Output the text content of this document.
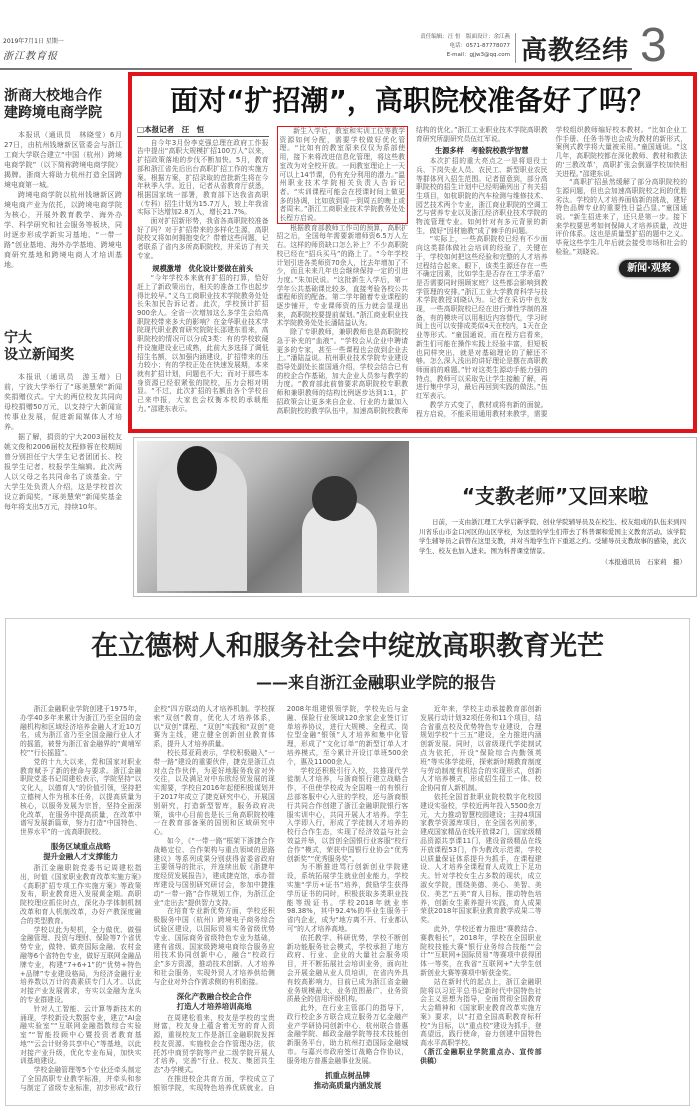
2019年7月1日 星期一
浙江教育报
责任编辑：汪 恒　版面设计：余江燕
电话：0571-87778077
E-mail：gjjw3@qq.com 高教经纬 3
浙商大校地合作
建跨境电商学院

本报讯（通讯员　林晓莹）6月27日，由杭州钱塘新区管委会与浙江工商大学联合建立“中国（杭州）跨境电商学院”（以下简称跨境电商学院）揭牌。浙商大将助力杭州打造全国跨境电商第一城。

跨境电商学院以杭州钱塘新区跨境电商产业为依托，以跨境电商学院为核心，开展外教育教学、海外办学、科学研究和社会服务等板块，同时逐步形成学新实习基地、“一带一路”创业基地、海外办学基地、跨境电商研究基地和跨境电商人才培训基地。

宁大
设立新闻奖

本报讯（通讯员　游玉增）日前，宁波大学举行了“琢美慧荣”新闻奖捐赠仪式。宁大的两位校友共同向母校捐赠50万元，以支持宁大新闻宣传事业发展，促进新闻媒体人才培养。

据了解，捐资的宁大2003届校友姚文俊和2006届校友程修蓉在校期间曾分别担任宁大学生记者团团长、校报学生记者、校报学生编辑。此次两人以父母之名共同命名了该基金。宁大学生处负责人介绍，这是学校首次设立新闻奖，“琢美慧荣”新闻奖基金每年将支出5万元，持续10年。

面对“扩招潮”，高职院校准备好了吗？
□本报记者　汪　恒

自今年3月份李克强总理在政府工作报告中提出“高职大规模扩招100万人”以来，扩招政策落地的步伐不断加快。5月，教育部和浙江省先后出台高职扩招工作的实施方案。根据方案，扩招录取的首批新生将在今年秋季入学。近日，记者从省教育厅获悉，根据国家统一部署，教育部下达我省高职（专科）招生计划为15.7万人，较上年我省实际下达增加2.8万人，增长21.7%。

面对扩招新形势，我省各高职院校准备好了吗？对于扩招带来的多样化生源，高职院校又将如何拥抱变化？带着这些问题，记者联系了省内多所高职院校，并采访了有关专家。

规模激增　优化设计要做在前头

“今年学校本来就有扩招的打算，恰好赶上了新政策出台，相关的准备工作也起步得比较早。”义乌工商职业技术学院教务处处长朱加民告诉记者。此次，学校预计扩招900余人。全省一次增加这么多学生会给高职院校带来多大的影响？在金华职业技术学院现代职业教育研究院院长邵建东看来，高职院校的情况可以分成3类：有的学校软硬件设施建设业已成熟，此前大多选择了调低招生名额，以加强内涵建设，扩招带来的压力较小；有的学校正处在快速发展期，本来就有扩招计划，问题也不大；而对于那些本身资源已经很紧张的院校，压力会相对明显。“不过，此次扩招的名额由各个学校自己来申报，大家也会权衡本校的承载能力。”邵建东表示。

新生入学后，教室和实训工位等教学资源如何分配，需要学校做好优化管理。“比如有的教室原来仅仅为系部使用，接下来将改进信息化管理，将这些教室改为对全校开放。一间教室理论上一天可以上14节课，仍有充分利用的潜力。”温州职业技术学院相关负责人告诉记者。“实训课程可能会在授课时间上做更多的协调，比如放到周一到周五的晚上或者周末。”浙江工商职业技术学院教务处处长程方启说。

根据教育部教师工作司的预算，高职扩招之后，全国每年需要新增师资6.5万人左右。这样的师资缺口怎么补上？不少高职院校已经在“招兵买马”的路上了。“今年学校计划引进各类师资70余人，比去年增加了不少，而且未来几年也会继续保持一定的引进力度。”朱加民说。“这批新生入学后，第一学年公共基础课比较多，直接考验各校公共课程师资的配备。第二学年随着专业课程的逐步铺开，专业课师资的压力就会显现出来，高职院校要提前谋划。”浙江商业职业技术学院教务处处长潘陆益认为。

除了专职教师，兼职教师也是高职院校急于补充的“血液”。“学校会从企业中聘请更多的专家，甚至一些课程也会放到企业去上。”潘陆益说。杭州职业技术学院专业建设指导处副处长崔国通介绍，学校会结合已有的校企合作基础，加大企业人员参与教学的力度。“教育部此前曾要求高职院校专职教师和兼职教师的结构比例逐步达到1:1，扩招政策会让更多来自企业、行业的力量加入高职院校的教学队伍中，加速高职院校教师结构的优化。”浙江工业职业技术学院高职教育研究所副研究员伍红军说。

生源多样　考验院校教学智慧

本次扩招的重大亮点之一是将退役士兵、下岗失业人员、农民工、新型职业农民等群体列入招生范围。记者留意到，部分高职院校的招生计划中已经明确列出了有关招生项目，如杭职院的汽车检测与维修技术、园艺技术两个专业，浙江商业职院的空调工艺与营养专业以及浙江经济职业技术学院的物流管理专业。如何针对有多元背景的新生，做好“因材施教”成了棘手的问题。

“实际上，一些高职院校已经有不少面向这类群体做社会培训的经验了，关键在于，学校如何把这些经验和完整的人才培养过程结合起来。眼下，该类生源还存在一些不确定因素，比如学生是否存在工学矛盾？是否需要同时照顾家庭？这些都会影响到教学管理的安排。”浙江工业大学教育科学与技术学院教授刘晓认为。记者在采访中也发现，一些高职院校已经在进行弹性学制的准备，有的模块可以用相近内容替代，学习时间上也可以安排成类似4天在校内，1天在企业等形式。“童国通说，而在程方启看来，新生们可能在操作实践上经验丰富，但短板也同样突出，就是对基础理论的了解还不够。怎么深入浅出的讲好理论是摆在高职教师面前的难题。”针对这类生源动手能力强的特点，教师可以采取先让学生接触了解，再进行集中学习，最后再回到实践的做法。”伍红军表示。

教学方式变了，教材或将有新的面貌。程方启说，不能采用通用教材来教学，需要学校组织教师编好校本教材。“比如企业工作手册、任务书等也会成为教材的新形式，案例式教学将大量被采用。”童国通说。“这几年，高职院校都在深化教师、教材和教法的‘三教改革’，高职扩张会倒逼学校加快相关进程。”邵建东说。

“高职扩招虽然缓解了部分高职院校的生源问题，但也会加速高职院校之间的优胜劣汰。学校的人才培养面临新的挑战，建好特色品牌专业的重要性日益凸显。”童国通说。“新生招进来了，还只是第一步。接下来学校要思考如何保障人才培养质量，改进评价体系。这也是质量型扩招的题中之义。毕竟这些学生几年后就会接受市场和社会的检验。”刘晓说。

新闻·观察
“支教老师”又回来啦

日前，一支由浙江理工大学启新学院、创业学院辅导员及在校生、校友组成的队伍来到四川省乐山市金口河区的山区学校，为这里的学生们带去了科普课和爱国主义教育活动。该学院学生辅导员之前曾在这里支教，并对当地学生许下重返之约。受辅导员支教故事的感染，此次学生、校友也加入进来。图为科普课堂情景。

（本报通讯员　石家莉　摄）

在立德树人和服务社会中绽放高职教育光芒
——来自浙江金融职业学院的报告

浙江金融职业学院创建于1975年，办学40多年来累计为浙江乃至全国的金融机构和区域经济培养金融人才近10万名，成为浙江省乃至全国金融行业人才的摇篮，被誉为浙江省金融界的“黄埔军校”“行长摇篮”。

党的十九大以来，党和国家对职业教育赋予了新的使命与要求。浙江金融职院党委书记周建松表示，学院坚持“以文化人，以德育人”的价值引领，坚持把立德树人作为根本任务，以提高质量为核心，以服务发展为宗旨，坚持全面深化改革，在服务中提高质量，在改革中谱写发展新篇章，努力打造“中国特色、世界水平”的一流高职院校。

服务区域重点战略
提升金融人才支撑能力

浙江金融职院党委书记周建松指出，时值《国家职业教育改革实施方案》《高职扩招专项工作实施方案》等政策发布，职业教育进入发展黄金期。高职院校理应抓住时点，深化办学体制机制改革和育人机制改革，办好产教深度融合的类型教育。

学校以此为契机，全力做优、做强金融管理、投资与理财、保险等7个省优势专业，做特、做亮国际金融、农村金融等6个省特色专业，做好互联网金融品牌专业，构建“7+6+1”的“优势+特色+品牌”专业建设格局，为经济金融行业培养数以万计的高素质专门人才。以此对接产业发展需求，夯实以金融为龙头的专业群建设。

针对人工智能、云计算等新技术的涌现，学校新设大数据专业，建立“AI金融实验室”“互联网金融指数综合实验室”“智能投顾中心暨投资者教育基地”“云会计财务共享中心”等基地，以此对接产业升级，优化专业布局，加快实训基地建设。

学校金融管理等5个专业还牵头制定了全国高职专业教学标准，并牵头和参与制定了省级专业标准，初步形成“政行企校”四方联动的人才培养机制。学校探索“双创”教育，优化人才培养体系，以“双创”课程、“双创”实践和“双创”竞赛为主线，建立健全创新创业教育体系，提升人才培养质量。

校长郑亚莉表示，学校积极融入“一带一路”建设的重要伙伴，捷克是浙江点对点合作伙伴，为更好地服务我省对外交往，以及满足对中东欧经贸发展的现实需要，学校自2016年起便积极谋划并于2017年成立了捷克研究中心，开展国别研究，打造新型智库，服务政府决策，该中心目前也是长三角高职院校唯一在教育部备案的国别和区域研究中心。

如今，《“一带一路”框架下浙捷合作战略定位、合作架构与重点领域的思路建议》等系列成果分别获得省委省政府主要领导的批示，并连续出版《浙捷年度经贸发展报告》，建成捷克馆，承办智库建设与国别研究研讨会，参加中捷推动“一带一路”合作规划工作，为浙江企业“走出去”提供智力支持。

在培育专业新优势方面，学校还积极服务中国（杭州）跨境电子商务综合试验区建设，以国际贸易实务省级优势专业、国际商务省级特色专业为基础，建有省级、国家级跨境电商综合服务应用技术协同创新中心，融合“校政行企”多方资源，推动技术创新、人才培养和社会服务，实现外贸人才培养供给侧与企业对外合作需求侧的有机衔接。

深化产教融合校企合作
打造人才培养培训高地

在周建松看来，校友是学校的宝贵财富，校友身上蕴含着无穷的育人资源，重视校友工作是浙江金融职院发挥校友资源、实施校企合作管理办法，依托苏中商贸学院等产业二级学院开展人才培养，完善“行业、校友、集团共生态”办学模式。

在推进校企共育方面，学校成立了银领学院，实现特色培养优质就业。自2008年组建银领学院，学校先后与金融、保险行业领域120余家企业签订订单培养协议，进行大规模、全程式、岗位型金融“银领”人才培养和集中化管理，形成了“文化订单”的新型订单人才培养模式，至今累计开设订单班500余个，惠及11000余人。

学校还积极引行入校，共推现代学徒制人才培养，与浙商银行建立战略合作，不但使学校成为全国唯一的有银行总部客服中心入驻的学校，还与浙商银行共同合作创建了浙江金融职院银行客服实训中心，共同开展人才培养。学生入学即入行，形成了学徒制人才培养的校行合作生态，实现了经济效益与社会效益并举，以首创全国银行业客服“校行合作”模式，荣获中国银行业协会“优秀创新奖”“优秀服务奖”。

为不断推进骂行创新创业学院建设，系统拓展学生就业创业能力，学校实施“学历+证书”培养，鼓励学生获得学历证书的同时，积极获取多类职业技能等级证书。学校2018年就业率98.38%，其中92.4%的毕业生服务于省内企业，成为“地方离不开、行业都认可”的人才培养高地。

依托教学、科研优势，学校不断创新功能服务社会模式，学校承担了地方政府、行业、企业的大量社会服务项目，并不断拓展社会培训业务，面向社会开展金融从业人员培训，在省内外具有较高影响力，目前已成为浙江省金融业务规模最大、业务范围最广、业务资质最全的信用评级机构。

此外，在行业主管部门的指导下，政行校企多方联合成立服务万亿金融产业产学研协同创新中心、杭州联合普惠金融学院、邮政金融学院等技术技能创新服务平台，助力杭州打造国际金融城市。与嘉兴市政府签订战略合作协议，服务地方普惠金融事业发展。

抓重点树品牌
推动高质量内涵发展

近年来，学校主动承接教育部创新发展行动计划32项任务和11个项目，结合省重点校及优势特色专业建设，合理规划学校“十三五”建设，全力推进内涵创新发展。同时，以省级现代学徒制试点为依托，开设“保险综合内勤领英班”等实体学徒班，探索新时期教育制度与劳动制度有机结合的实现形式，创新人才培养模式，形成招生招工一体、校企协同育人新机制。

依托全国首批职业院校数字化校园建设实验校，学校近两年投入5500余万元，大力推动智慧校园建设；主持4项国家教学资源库项目，在全国名列前茅，建成国家精品在线开放课2门，国家级精品资源共享课11门，建设省级精品在线开放课程53门，作为教改示范课，学校以质量保证体系提升为抓手，在课程建设、人才培养全课程育人成效上下足功夫。针对学校女生占多数的现状，成立淑女学院，围绕美德、美心、美智、美仪、美艺“五美”育人目标，推动特色培养，创新女生素养提升实践，育人成果荣获2018年国家职业教育教学成果二等奖。

此外，学校还着力推进“赛教结合、赛教相长”，2018年，学校在全国职业院校技能大赛“银行业务综合技能”“会计”“互联网+国际贸易”等赛项中获得团体一等奖，在我省“互联网+”大学生创新创业大赛等赛项中斩获金奖。

站在新时代的起点上，浙江金融职院将以习近平总书记新时代中国特色社会主义思想为指导，全面贯彻全国教育大会精神和《国家职业教育改革实施方案》要求，以“打造全国高职教育标杆校”为目标，以“重点校”建设为抓手，登高望远，践行使命，奋力创建中国特色高水平高职学校。

（浙江金融职业学院重点办、宣传部　供稿）
